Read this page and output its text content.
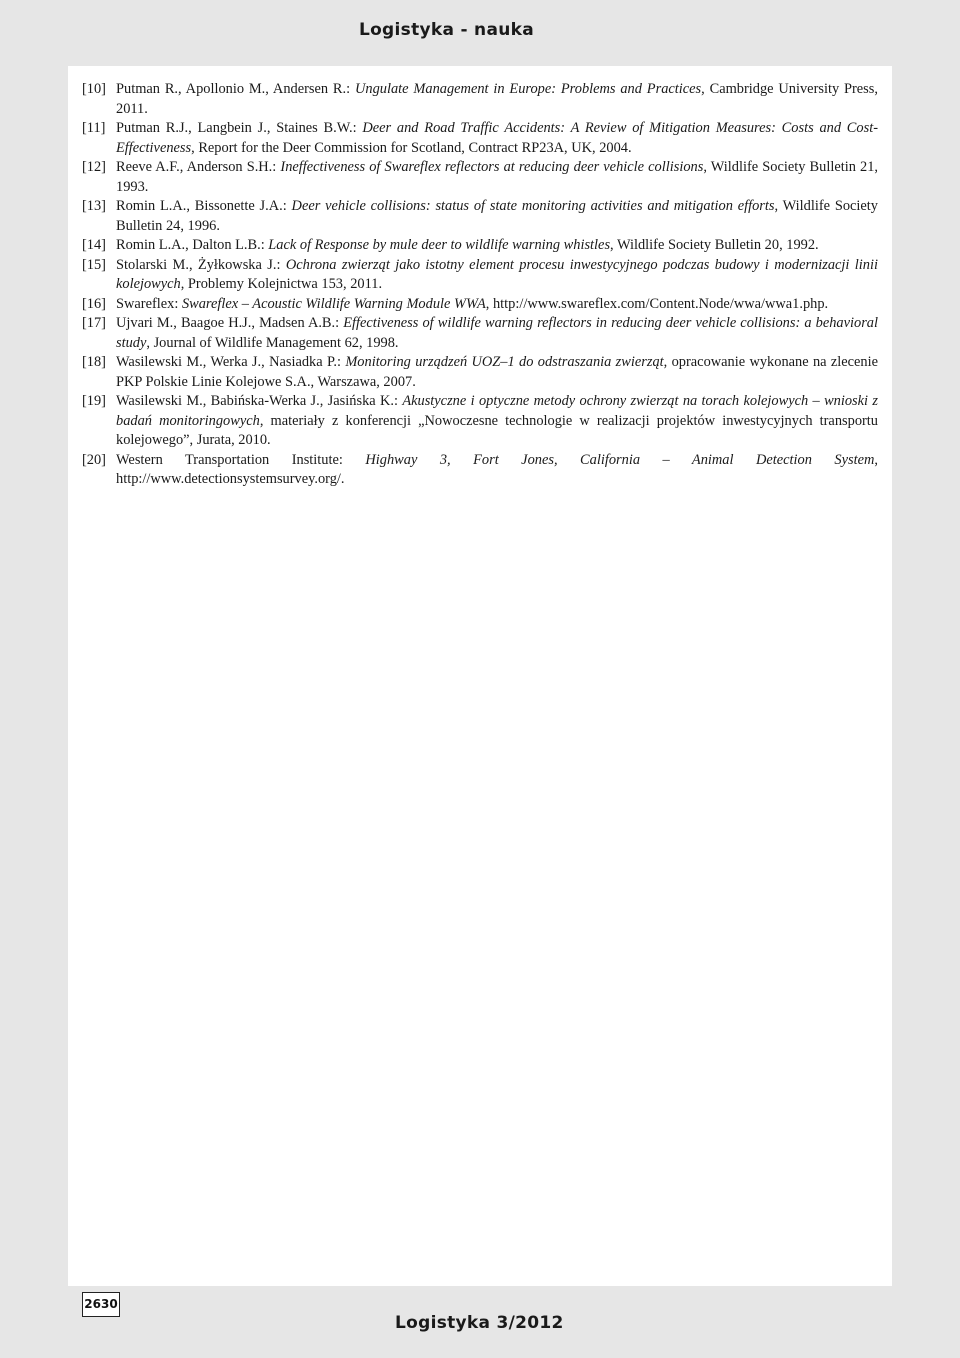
Logistyka - nauka
[10] Putman R., Apollonio M., Andersen R.: Ungulate Management in Europe: Problems and Practices, Cambridge University Press, 2011.
[11] Putman R.J., Langbein J., Staines B.W.: Deer and Road Traffic Accidents: A Review of Mitigation Measures: Costs and Cost-Effectiveness, Report for the Deer Commission for Scotland, Contract RP23A, UK, 2004.
[12] Reeve A.F., Anderson S.H.: Ineffectiveness of Swareflex reflectors at reducing deer vehicle collisions, Wildlife Society Bulletin 21, 1993.
[13] Romin L.A., Bissonette J.A.: Deer vehicle collisions: status of state monitoring activities and mitigation efforts, Wildlife Society Bulletin 24, 1996.
[14] Romin L.A., Dalton L.B.: Lack of Response by mule deer to wildlife warning whistles, Wildlife Society Bulletin 20, 1992.
[15] Stolarski M., Żyłkowska J.: Ochrona zwierząt jako istotny element procesu inwestycyjnego podczas budowy i modernizacji linii kolejowych, Problemy Kolejnictwa 153, 2011.
[16] Swareflex: Swareflex – Acoustic Wildlife Warning Module WWA, http://www.swareflex.com/Content.Node/wwa/wwa1.php.
[17] Ujvari M., Baagoe H.J., Madsen A.B.: Effectiveness of wildlife warning reflectors in reducing deer vehicle collisions: a behavioral study, Journal of Wildlife Management 62, 1998.
[18] Wasilewski M., Werka J., Nasiadka P.: Monitoring urządzeń UOZ–1 do odstraszania zwierząt, opracowanie wykonane na zlecenie PKP Polskie Linie Kolejowe S.A., Warszawa, 2007.
[19] Wasilewski M., Babińska-Werka J., Jasińska K.: Akustyczne i optyczne metody ochrony zwierząt na torach kolejowych – wnioski z badań monitoringowych, materiały z konferencji „Nowoczesne technologie w realizacji projektów inwestycyjnych transportu kolejowego”, Jurata, 2010.
[20] Western Transportation Institute: Highway 3, Fort Jones, California – Animal Detection System, http://www.detectionsystemsurvey.org/.
2630
Logistyka 3/2012
